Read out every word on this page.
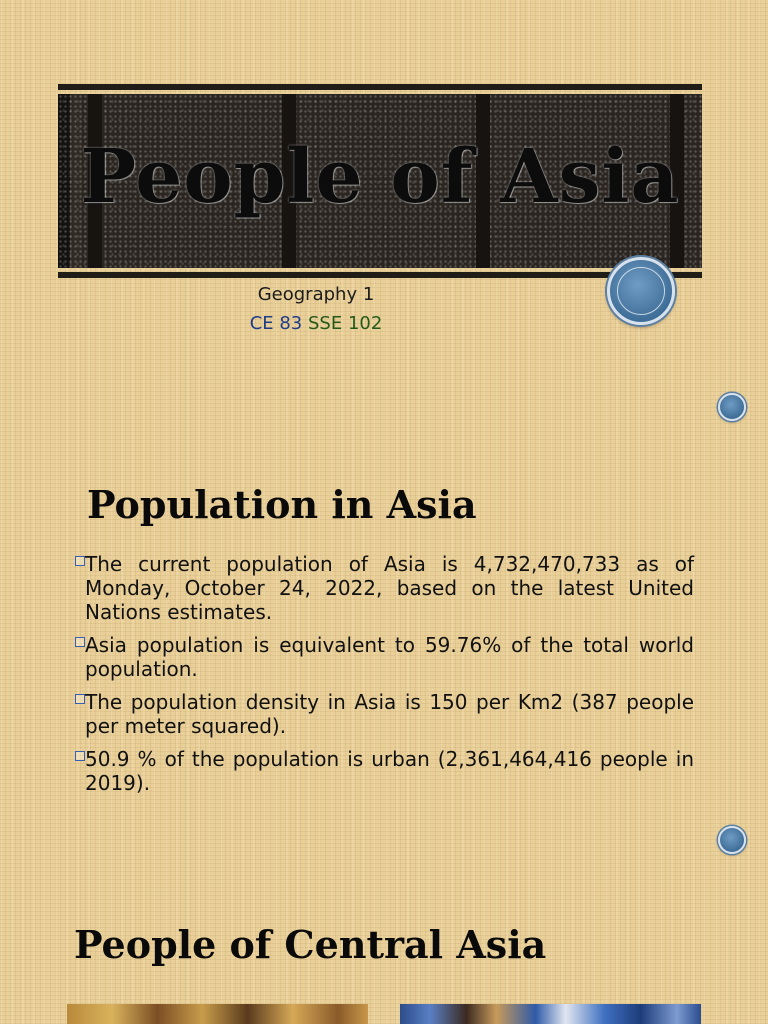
People of Asia
Geography 1
CE 83 SSE 102
Population in Asia
The current population of Asia is 4,732,470,733 as of Monday, October 24, 2022, based on the latest United Nations estimates.
Asia population is equivalent to 59.76% of the total world population.
The population density in Asia is 150 per Km2 (387 people per meter squared).
50.9 % of the population is urban (2,361,464,416 people in 2019).
People of Central Asia
